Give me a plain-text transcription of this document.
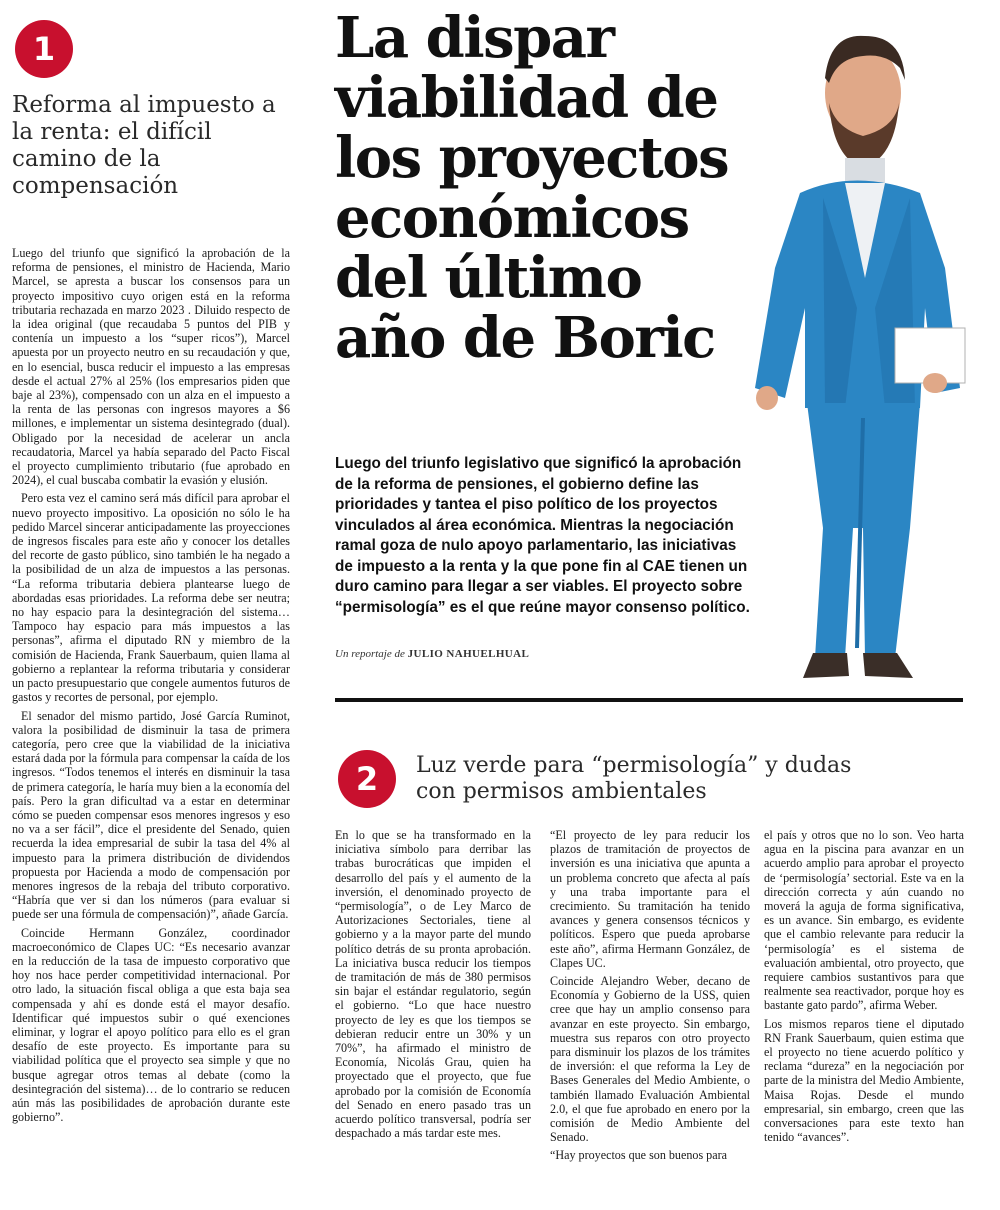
1
Reforma al impuesto a la renta: el difícil camino de la compensación

Luego del triunfo que significó la aprobación de la reforma de pensiones, el ministro de Hacienda, Mario Marcel, se apresta a buscar los consensos para un proyecto impositivo cuyo origen está en la reforma tributaria rechazada en marzo 2023 . Diluido respecto de la idea original (que recaudaba 5 puntos del PIB y contenía un impuesto a los “super ricos”), Marcel apuesta por un proyecto neutro en su recaudación y que, en lo esencial, busca reducir el impuesto a las empresas desde el actual 27% al 25% (los empresarios piden que baje al 23%), compensado con un alza en el impuesto a la renta de las personas con ingresos mayores a $6 millones, e implementar un sistema desintegrado (dual). Obligado por la necesidad de acelerar un ancla recaudatoria, Marcel ya había separado del Pacto Fiscal el proyecto cumplimiento tributario (fue aprobado en 2024), el cual buscaba combatir la evasión y elusión.

Pero esta vez el camino será más difícil para aprobar el nuevo proyecto impositivo. La oposición no sólo le ha pedido Marcel sincerar anticipadamente las proyecciones de ingresos fiscales para este año y conocer los detalles del recorte de gasto público, sino también le ha negado a la posibilidad de un alza de impuestos a las personas. “La reforma tributaria debiera plantearse luego de abordadas esas prioridades. La reforma debe ser neutra; no hay espacio para la desintegración del sistema… Tampoco hay espacio para más impuestos a las personas”, afirma el diputado RN y miembro de la comisión de Hacienda, Frank Sauerbaum, quien llama al gobierno a replantear la reforma tributaria y considerar un pacto presupuestario que congele aumentos futuros de gastos y recortes de personal, por ejemplo.

El senador del mismo partido, José García Ruminot, valora la posibilidad de disminuir la tasa de primera categoría, pero cree que la viabilidad de la iniciativa estará dada por la fórmula para compensar la caída de los ingresos. “Todos tenemos el interés en disminuir la tasa de primera categoría, le haría muy bien a la economía del país. Pero la gran dificultad va a estar en determinar cómo se pueden compensar esos menores ingresos y eso no va a ser fácil”, dice el presidente del Senado, quien recuerda la idea empresarial de subir la tasa del 4% al impuesto para la primera distribución de dividendos propuesta por Hacienda a modo de compensación por menores ingresos de la rebaja del tributo corporativo. “Habría que ver si dan los números (para evaluar si puede ser una fórmula de compensación)”, añade García.

Coincide Hermann González, coordinador macroeconómico de Clapes UC: “Es necesario avanzar en la reducción de la tasa de impuesto corporativo que hoy nos hace perder competitividad internacional. Por otro lado, la situación fiscal obliga a que esta baja sea compensada y ahí es donde está el mayor desafío. Identificar qué impuestos subir o qué exenciones eliminar, y lograr el apoyo político para ello es el gran desafío de este proyecto. Es importante para su viabilidad política que el proyecto sea simple y que no busque agregar otros temas al debate (como la desintegración del sistema)… de lo contrario se reducen aún más las posibilidades de aprobación durante este gobierno”.

La dispar viabilidad de los proyectos económicos del último año de Boric

Luego del triunfo legislativo que significó la aprobación de la reforma de pensiones, el gobierno define las prioridades y tantea el piso político de los proyectos vinculados al área económica. Mientras la negociación ramal goza de nulo apoyo parlamentario, las iniciativas de impuesto a la renta y la que pone fin al CAE tienen un duro camino para llegar a ser viables. El proyecto sobre “permisología” es el que reúne mayor consenso político.

Un reportaje de JULIO NAHUELHUAL
2 Luz verde para “permisología” y dudas con permisos ambientales

En lo que se ha transformado en la iniciativa símbolo para derribar las trabas burocráticas que impiden el desarrollo del país y el aumento de la inversión, el denominado proyecto de “permisología”, o de Ley Marco de Autorizaciones Sectoriales, tiene al gobierno y a la mayor parte del mundo político detrás de su pronta aprobación. La iniciativa busca reducir los tiempos de tramitación de más de 380 permisos sin bajar el estándar regulatorio, según el gobierno. “Lo que hace nuestro proyecto de ley es que los tiempos se debieran reducir entre un 30% y un 70%”, ha afirmado el ministro de Economía, Nicolás Grau, quien ha proyectado que el proyecto, que fue aprobado por la comisión de Economía del Senado en enero pasado tras un acuerdo político transversal, podría ser despachado a más tardar este mes.

“El proyecto de ley para reducir los plazos de tramitación de proyectos de inversión es una iniciativa que apunta a un problema concreto que afecta al país y una traba importante para el crecimiento. Su tramitación ha tenido avances y genera consensos técnicos y políticos. Espero que pueda aprobarse este año”, afirma Hermann González, de Clapes UC.

Coincide Alejandro Weber, decano de Economía y Gobierno de la USS, quien cree que hay un amplio consenso para avanzar en este proyecto. Sin embargo, muestra sus reparos con otro proyecto para disminuir los plazos de los trámites de inversión: el que reforma la Ley de Bases Generales del Medio Ambiente, o también llamado Evaluación Ambiental 2.0, el que fue aprobado en enero por la comisión de Medio Ambiente del Senado.

“Hay proyectos que son buenos para

el país y otros que no lo son. Veo harta agua en la piscina para avanzar en un acuerdo amplio para aprobar el proyecto de ‘permisología’ sectorial. Este va en la dirección correcta y aún cuando no moverá la aguja de forma significativa, es un avance. Sin embargo, es evidente que el cambio relevante para reducir la ‘permisología’ es el sistema de evaluación ambiental, otro proyecto, que requiere cambios sustantivos para que realmente sea reactivador, porque hoy es bastante gato pardo”, afirma Weber.

Los mismos reparos tiene el diputado RN Frank Sauerbaum, quien estima que el proyecto no tiene acuerdo político y reclama “dureza” en la negociación por parte de la ministra del Medio Ambiente, Maisa Rojas. Desde el mundo empresarial, sin embargo, creen que las conversaciones para este texto han tenido “avances”.
